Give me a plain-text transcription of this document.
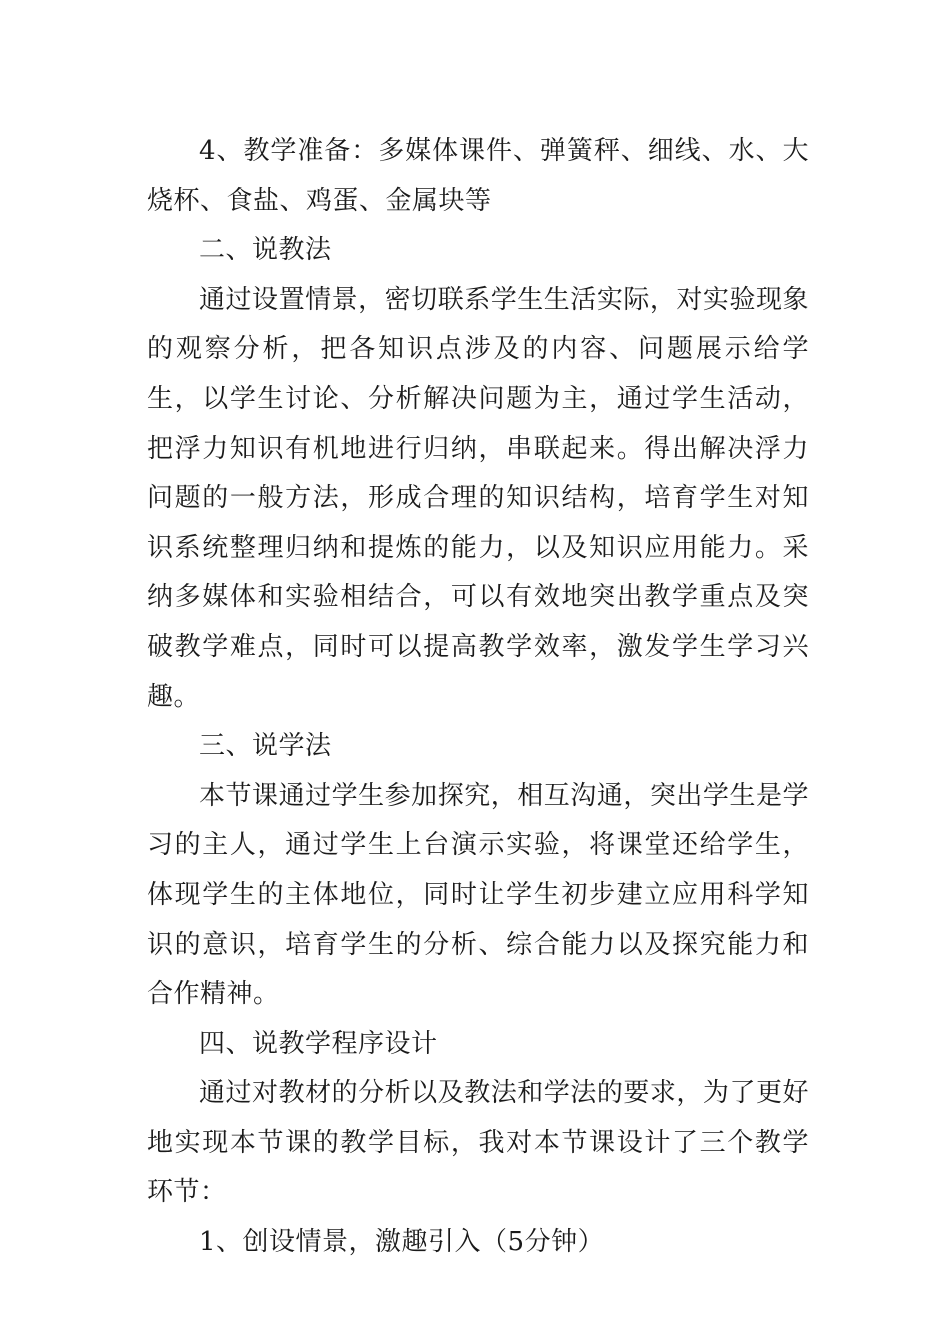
4、教学准备：多媒体课件、弹簧秤、细线、水、大烧杯、食盐、鸡蛋、金属块等

二、说教法

通过设置情景，密切联系学生生活实际，对实验现象的观察分析，把各知识点涉及的内容、问题展示给学生，以学生讨论、分析解决问题为主，通过学生活动，把浮力知识有机地进行归纳，串联起来。得出解决浮力问题的一般方法，形成合理的知识结构，培育学生对知识系统整理归纳和提炼的能力，以及知识应用能力。采纳多媒体和实验相结合，可以有效地突出教学重点及突破教学难点，同时可以提高教学效率，激发学生学习兴趣。

三、说学法

本节课通过学生参加探究，相互沟通，突出学生是学习的主人，通过学生上台演示实验，将课堂还给学生，体现学生的主体地位，同时让学生初步建立应用科学知识的意识，培育学生的分析、综合能力以及探究能力和合作精神。

四、说教学程序设计

通过对教材的分析以及教法和学法的要求，为了更好地实现本节课的教学目标，我对本节课设计了三个教学环节：

1、创设情景，激趣引入（5分钟）
